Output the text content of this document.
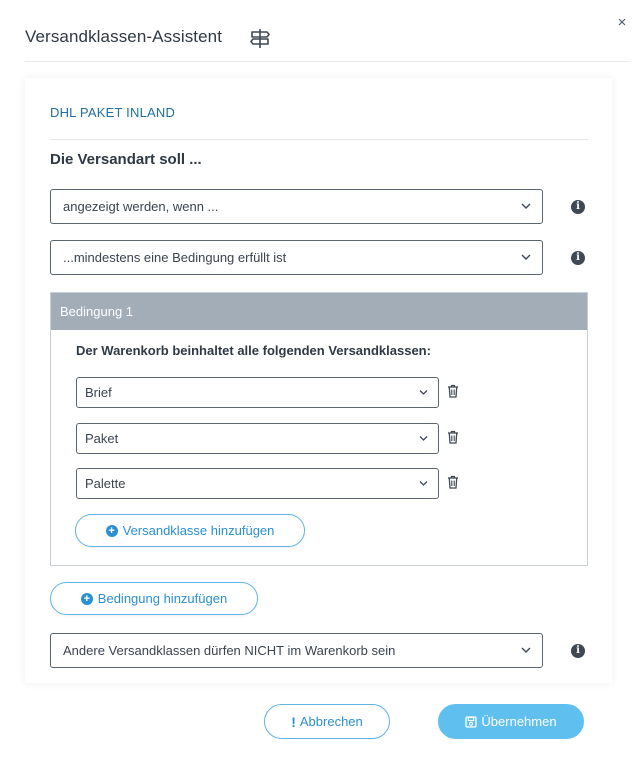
×
Versandklassen-Assistent
DHL PAKET INLAND
Die Versandart soll ...
angezeigt werden, wenn ...	i
...mindestens eine Bedingung erfüllt ist	i
Bedingung 1
Der Warenkorb beinhaltet alle folgenden Versandklassen:
Brief
Paket
Palette
+ Versandklasse hinzufügen
+ Bedingung hinzufügen
Andere Versandklassen dürfen NICHT im Warenkorb sein	i
! Abbrechen	Übernehmen
